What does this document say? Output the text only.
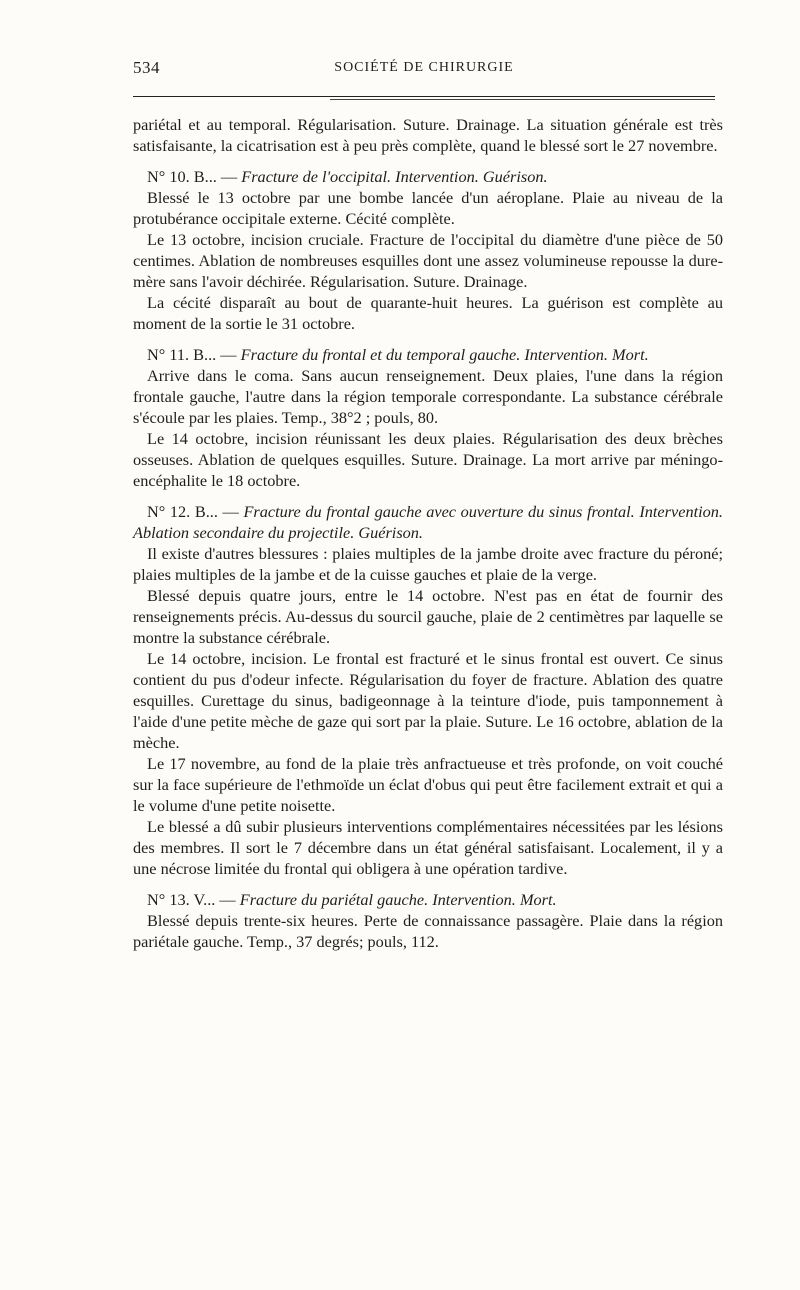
534	SOCIÉTÉ DE CHIRURGIE

pariétal et au temporal. Régularisation. Suture. Drainage. La situation générale est très satisfaisante, la cicatrisation est à peu près complète, quand le blessé sort le 27 novembre.

N° 10. B... — Fracture de l'occipital. Intervention. Guérison.

Blessé le 13 octobre par une bombe lancée d'un aéroplane. Plaie au niveau de la protubérance occipitale externe. Cécité complète.

Le 13 octobre, incision cruciale. Fracture de l'occipital du diamètre d'une pièce de 50 centimes. Ablation de nombreuses esquilles dont une assez volumineuse repousse la dure-mère sans l'avoir déchirée. Régularisation. Suture. Drainage.

La cécité disparaît au bout de quarante-huit heures. La guérison est complète au moment de la sortie le 31 octobre.

N° 11. B... — Fracture du frontal et du temporal gauche. Intervention. Mort.

Arrive dans le coma. Sans aucun renseignement. Deux plaies, l'une dans la région frontale gauche, l'autre dans la région temporale correspondante. La substance cérébrale s'écoule par les plaies. Temp., 38°2 ; pouls, 80.

Le 14 octobre, incision réunissant les deux plaies. Régularisation des deux brèches osseuses. Ablation de quelques esquilles. Suture. Drainage. La mort arrive par méningo-encéphalite le 18 octobre.

N° 12. B... — Fracture du frontal gauche avec ouverture du sinus frontal. Intervention. Ablation secondaire du projectile. Guérison.

Il existe d'autres blessures : plaies multiples de la jambe droite avec fracture du péroné; plaies multiples de la jambe et de la cuisse gauches et plaie de la verge.

Blessé depuis quatre jours, entre le 14 octobre. N'est pas en état de fournir des renseignements précis. Au-dessus du sourcil gauche, plaie de 2 centimètres par laquelle se montre la substance cérébrale.

Le 14 octobre, incision. Le frontal est fracturé et le sinus frontal est ouvert. Ce sinus contient du pus d'odeur infecte. Régularisation du foyer de fracture. Ablation des quatre esquilles. Curettage du sinus, badigeonnage à la teinture d'iode, puis tamponnement à l'aide d'une petite mèche de gaze qui sort par la plaie. Suture. Le 16 octobre, ablation de la mèche.

Le 17 novembre, au fond de la plaie très anfractueuse et très profonde, on voit couché sur la face supérieure de l'ethmoïde un éclat d'obus qui peut être facilement extrait et qui a le volume d'une petite noisette.

Le blessé a dû subir plusieurs interventions complémentaires nécessitées par les lésions des membres. Il sort le 7 décembre dans un état général satisfaisant. Localement, il y a une nécrose limitée du frontal qui obligera à une opération tardive.

N° 13. V... — Fracture du pariétal gauche. Intervention. Mort.

Blessé depuis trente-six heures. Perte de connaissance passagère. Plaie dans la région pariétale gauche. Temp., 37 degrés; pouls, 112.
